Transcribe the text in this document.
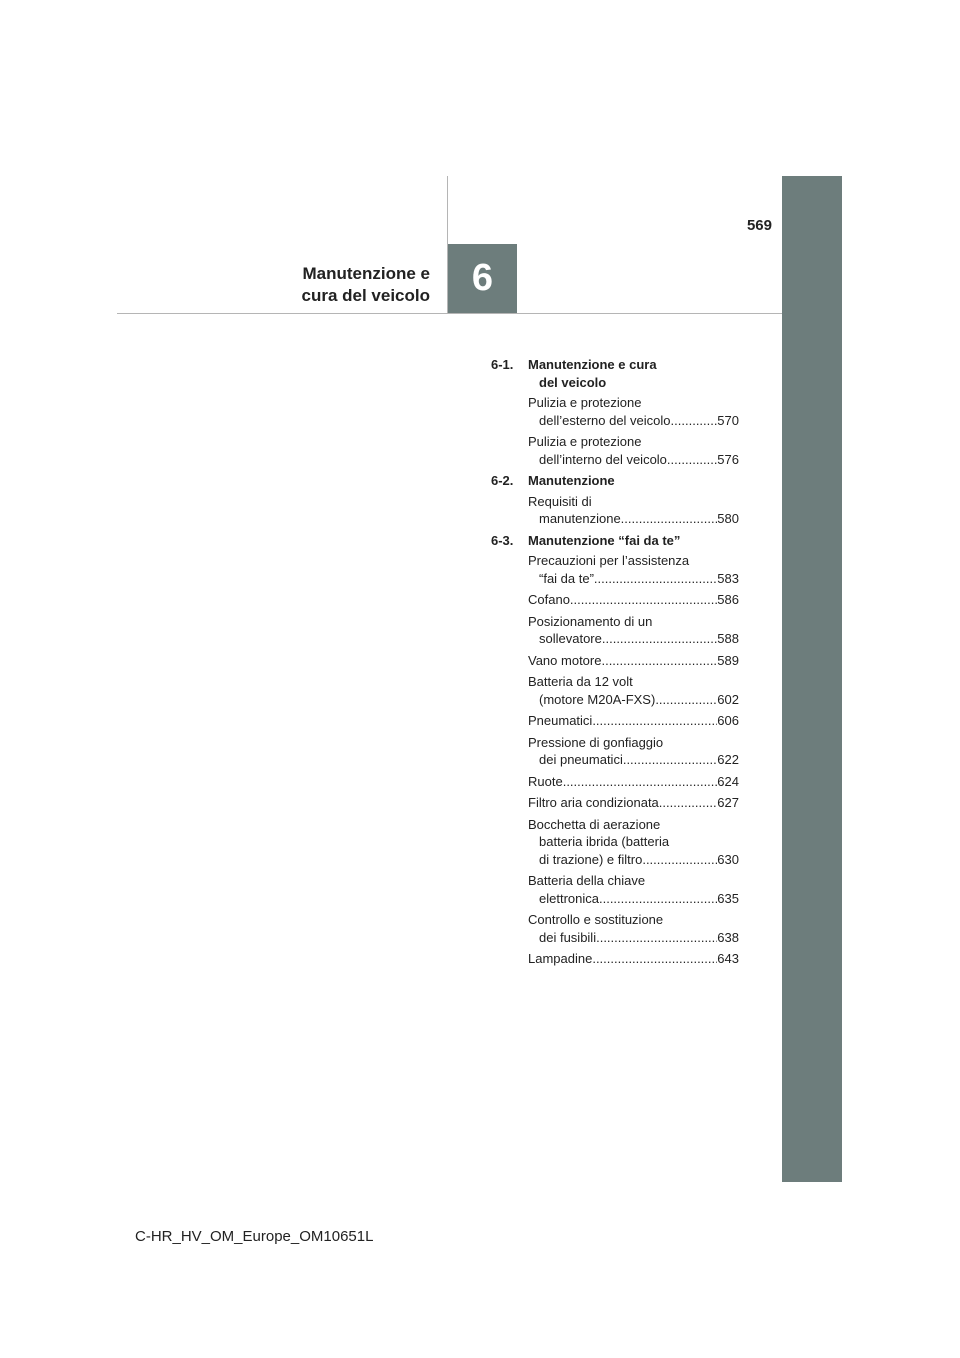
569
6
Manutenzione e
cura del veicolo
6-1.	Manutenzione e cura
del veicolo
Pulizia e protezione
dell’esterno del veicolo .....	570
Pulizia e protezione
dell’interno del veicolo .....	576
6-2.	Manutenzione
Requisiti di
manutenzione .....	580
6-3.	Manutenzione “fai da te”
Precauzioni per l’assistenza
“fai da te” .....	583
Cofano .....	586
Posizionamento di un
sollevatore .....	588
Vano motore .....	589
Batteria da 12 volt
(motore M20A-FXS) .....	602
Pneumatici .....	606
Pressione di gonfiaggio
dei pneumatici .....	622
Ruote .....	624
Filtro aria condizionata .....	627
Bocchetta di aerazione
batteria ibrida (batteria
di trazione) e filtro .....	630
Batteria della chiave
elettronica .....	635
Controllo e sostituzione
dei fusibili .....	638
Lampadine .....	643
C-HR_HV_OM_Europe_OM10651L
